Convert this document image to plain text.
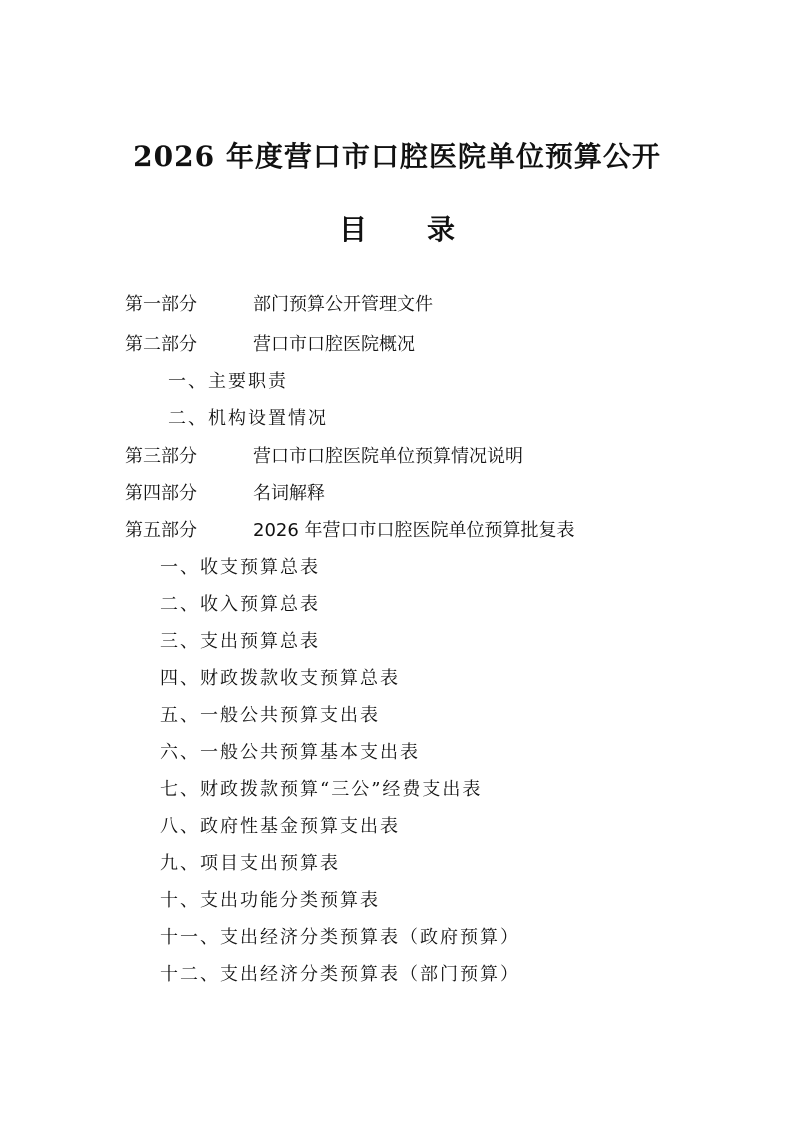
2026 年度营口市口腔医院单位预算公开
目录
第一部分	部门预算公开管理文件
第二部分	营口市口腔医院概况
一、主要职责
二、机构设置情况
第三部分	营口市口腔医院单位预算情况说明
第四部分	名词解释
第五部分	2026 年营口市口腔医院单位预算批复表
一、收支预算总表
二、收入预算总表
三、支出预算总表
四、财政拨款收支预算总表
五、一般公共预算支出表
六、一般公共预算基本支出表
七、财政拨款预算“三公”经费支出表
八、政府性基金预算支出表
九、项目支出预算表
十、支出功能分类预算表
十一、支出经济分类预算表（政府预算）
十二、支出经济分类预算表（部门预算）
